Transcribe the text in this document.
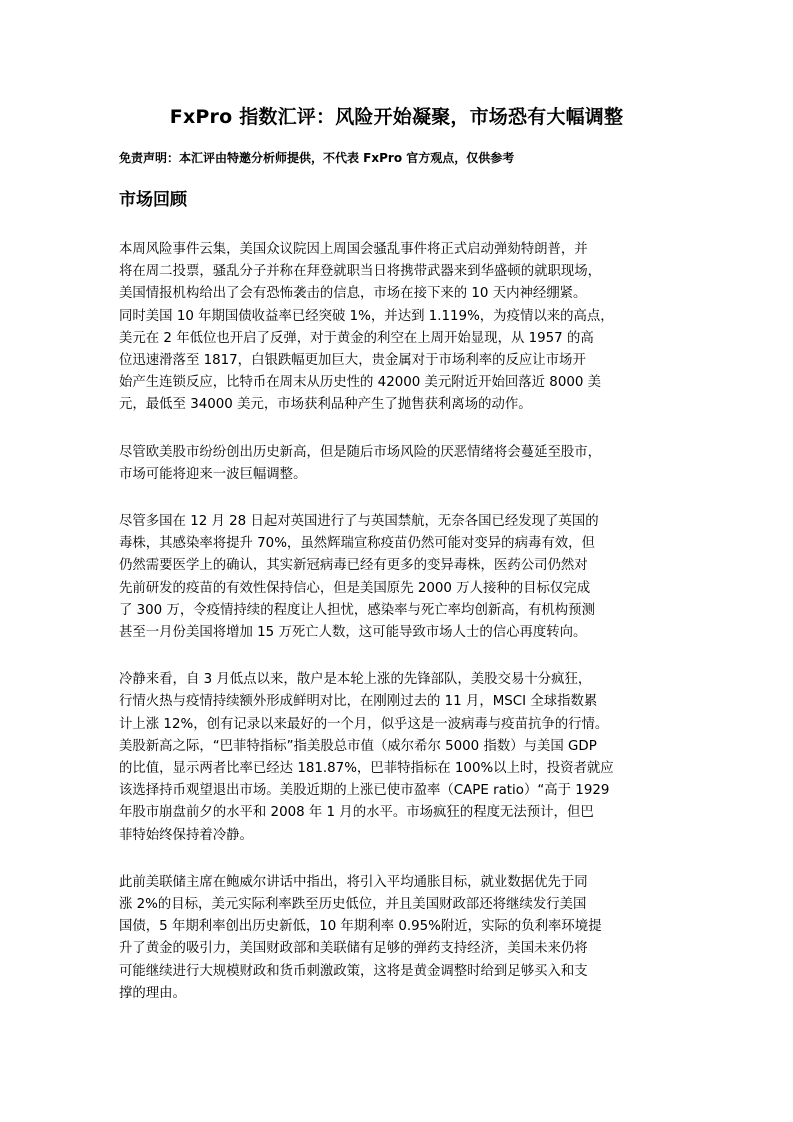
FxPro 指数汇评：风险开始凝聚，市场恐有大幅调整

免责声明：本汇评由特邀分析师提供，不代表 FxPro 官方观点，仅供参考

市场回顾

本周风险事件云集，美国众议院因上周国会骚乱事件将正式启动弹劾特朗普，并
将在周二投票，骚乱分子并称在拜登就职当日将携带武器来到华盛顿的就职现场，
美国情报机构给出了会有恐怖袭击的信息，市场在接下来的 10 天内神经绷紧。
同时美国 10 年期国债收益率已经突破 1%，并达到 1.119%，为疫情以来的高点，
美元在 2 年低位也开启了反弹，对于黄金的利空在上周开始显现，从 1957 的高
位迅速滑落至 1817，白银跌幅更加巨大，贵金属对于市场利率的反应让市场开
始产生连锁反应，比特币在周末从历史性的 42000 美元附近开始回落近 8000 美
元，最低至 34000 美元，市场获利品种产生了抛售获利离场的动作。

尽管欧美股市纷纷创出历史新高，但是随后市场风险的厌恶情绪将会蔓延至股市，
市场可能将迎来一波巨幅调整。

尽管多国在 12 月 28 日起对英国进行了与英国禁航，无奈各国已经发现了英国的
毒株，其感染率将提升 70%，虽然辉瑞宣称疫苗仍然可能对变异的病毒有效，但
仍然需要医学上的确认，其实新冠病毒已经有更多的变异毒株，医药公司仍然对
先前研发的疫苗的有效性保持信心，但是美国原先 2000 万人接种的目标仅完成
了 300 万，令疫情持续的程度让人担忧，感染率与死亡率均创新高，有机构预测
甚至一月份美国将增加 15 万死亡人数，这可能导致市场人士的信心再度转向。

冷静来看，自 3 月低点以来，散户是本轮上涨的先锋部队，美股交易十分疯狂，
行情火热与疫情持续额外形成鲜明对比，在刚刚过去的 11 月，MSCI 全球指数累
计上涨 12%，创有记录以来最好的一个月，似乎这是一波病毒与疫苗抗争的行情。
美股新高之际，“巴菲特指标”指美股总市值（威尔希尔 5000 指数）与美国 GDP
的比值，显示两者比率已经达 181.87%，巴菲特指标在 100%以上时，投资者就应
该选择持币观望退出市场。美股近期的上涨已使市盈率（CAPE ratio）“高于 1929
年股市崩盘前夕的水平和 2008 年 1 月的水平。市场疯狂的程度无法预计，但巴
菲特始终保持着冷静。

此前美联储主席在鲍威尔讲话中指出，将引入平均通胀目标，就业数据优先于同
涨 2%的目标，美元实际利率跌至历史低位，并且美国财政部还将继续发行美国
国债，5 年期利率创出历史新低，10 年期利率 0.95%附近，实际的负利率环境提
升了黄金的吸引力，美国财政部和美联储有足够的弹药支持经济，美国未来仍将
可能继续进行大规模财政和货币刺激政策，这将是黄金调整时给到足够买入和支
撑的理由。
